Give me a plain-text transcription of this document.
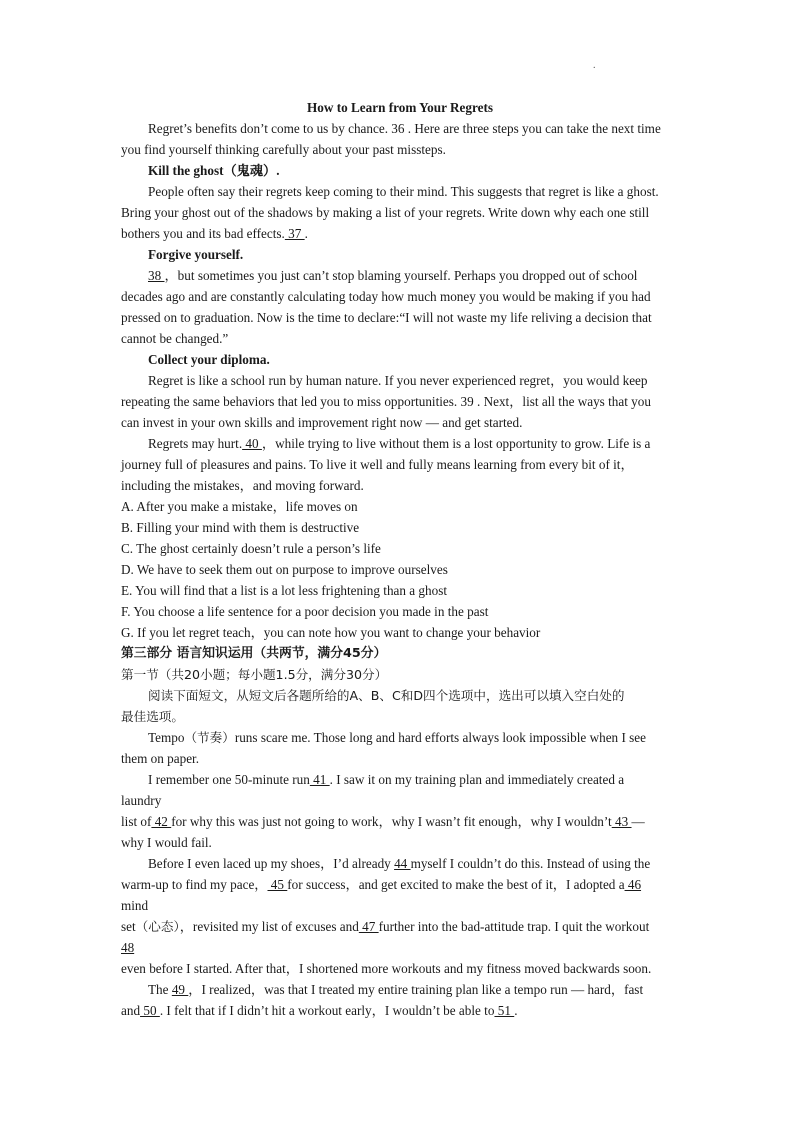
.
How to Learn from Your Regrets
Regret’s benefits don’t come to us by chance. 36 . Here are three steps you can take the next time
you find yourself thinking carefully about your past missteps.
Kill the ghost（鬼魂）.
People often say their regrets keep coming to their mind. This suggests that regret is like a ghost.
Bring your ghost out of the shadows by making a list of your regrets. Write down why each one still
bothers you and its bad effects. 37 .
Forgive yourself.
38 ，but sometimes you just can’t stop blaming yourself. Perhaps you dropped out of school
decades ago and are constantly calculating today how much money you would be making if you had
pressed on to graduation. Now is the time to declare:“I will not waste my life reliving a decision that
cannot be changed.”
Collect your diploma.
Regret is like a school run by human nature. If you never experienced regret，you would keep
repeating the same behaviors that led you to miss opportunities. 39 . Next，list all the ways that you
can invest in your own skills and improvement right now — and get started.
Regrets may hurt. 40 ，while trying to live without them is a lost opportunity to grow. Life is a
journey full of pleasures and pains. To live it well and fully means learning from every bit of it，
including the mistakes，and moving forward.
A. After you make a mistake，life moves on
B. Filling your mind with them is destructive
C. The ghost certainly doesn’t rule a person’s life
D. We have to seek them out on purpose to improve ourselves
E. You will find that a list is a lot less frightening than a ghost
F. You choose a life sentence for a poor decision you made in the past
G. If you let regret teach，you can note how you want to change your behavior
第三部分 语言知识运用（共两节，满分45分）
第一节（共20小题；每小题1.5分，满分30分）
阅读下面短文，从短文后各题所给的A、B、C和D四个选项中，选出可以填入空白处的
最佳选项。
Tempo（节奏）runs scare me. Those long and hard efforts always look impossible when I see
them on paper.
I remember one 50-minute run 41 . I saw it on my training plan and immediately created a
laundry
list of 42 for why this was just not going to work，why I wasn’t fit enough，why I wouldn’t 43 —
why I would fail.
Before I even laced up my shoes，I’d already 44 myself I couldn’t do this. Instead of using the
warm-up to find my pace， 45 for success，and get excited to make the best of it，I adopted a 46
mind
set（心态），revisited my list of excuses and 47 further into the bad-attitude trap. I quit the workout
48
even before I started. After that，I shortened more workouts and my fitness moved backwards soon.
The 49 ，I realized，was that I treated my entire training plan like a tempo run — hard，fast
and 50 . I felt that if I didn’t hit a workout early，I wouldn’t be able to 51 .
